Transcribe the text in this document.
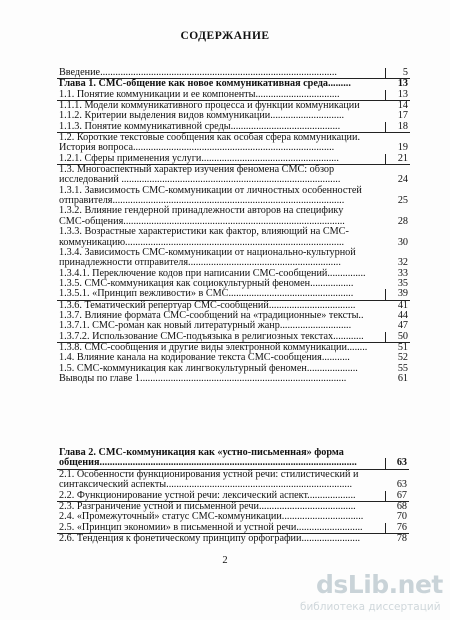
СОДЕРЖАНИЕ
Введение.............................................................................................	5
Глава 1. СМС-общение как новое коммуникативная среда.........	13
1.1. Понятие коммуникации и ее компоненты.................................	13
1.1.1. Модели коммуникативного процесса и функции коммуникации	14
1.1.2. Критерии выделения видов коммуникации.............................	17
1.1.3. Понятие коммуникативной среды...........................................	18
1.2. Короткие текстовые сообщения как особая сфера коммуникации.	
История вопроса...............................................................................	19
1.2.1. Сферы применения услуги......................................................	21
1.3. Многоаспектный характер изучения феномена СМС: обзор	
исследований ......................................................................................	24
1.3.1. Зависимость СМС-коммуникации от личностных особенностей	
отправителя...........................................................................................	25
1.3.2. Влияние гендерной принадлежности авторов на специфику	
СМС-общения.......................................................................................	28
1.3.3. Возрастные характеристики как фактор, влияющий на СМС-	
коммуникацию......................................................................................	30
1.3.4. Зависимость СМС-коммуникации от национально-культурной	
принадлежности отправителя............................................................	32
1.3.4.1. Переключение кодов при написании СМС-сообщений...............	33
1.3.5. СМС-коммуникация как социокультурный феномен.................	35
1.3.5.1. «Принцип вежливости» в СМС.................................................	39
1.3.6. Тематический репертуар СМС-сообщений..................................	41
1.3.7. Влияние формата СМС-сообщений на «традиционные» тексты..	44
1.3.7.1. СМС-роман как новый литературный жанр............................	47
1.3.7.2. Использование СМС-подъязыка в религиозных текстах............	50
1.3.8. СМС-сообщения и другие виды электронной коммуникации........	51
1.4. Влияние канала на кодирование текста СМС-сообщения...........	52
1.5. СМС-коммуникация как лингвокультурный феномен....................	55
Выводы по главе 1.................................................................................	61
Глава 2. СМС-коммуникация как «устно-письменная» форма	
общения.....................................................................................................	63
2.1. Особенности функционирования устной речи: стилистический и	
синтаксический аспекты.........................................................................	63
2.2. Функционирование устной речи: лексический аспект...................	67
2.3. Разграничение устной и письменной речи......................................	68
2.4. «Промежуточный» статус СМС-коммуникации................................	70
2.5. «Принцип экономии» в письменной и устной речи..........................	76
2.6. Тенденция к фонетическому принципу орфографии.......................	78
2
dsLib.net
библиотека диссертаций
